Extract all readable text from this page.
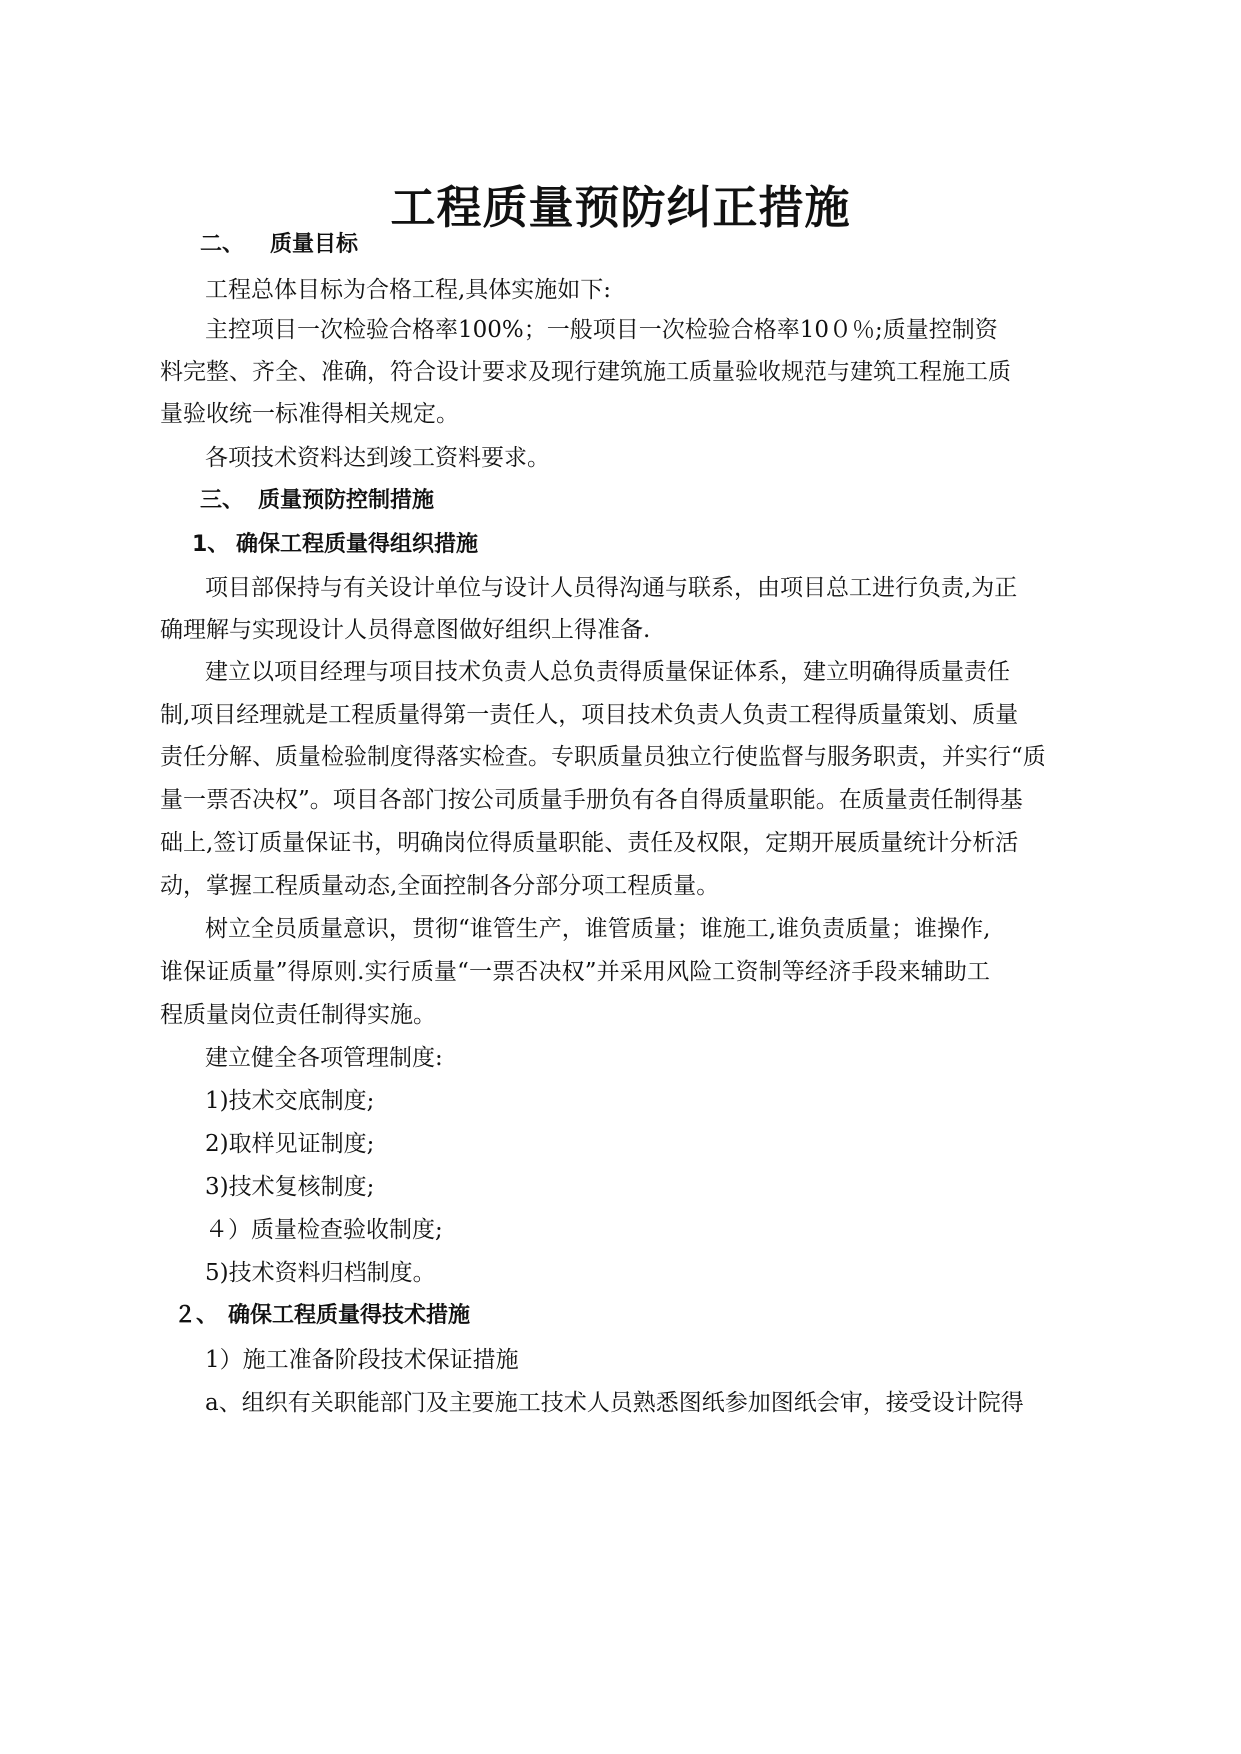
工程质量预防纠正措施
二、 质量目标
工程总体目标为合格工程,具体实施如下:
主控项目一次检验合格率100%；一般项目一次检验合格率10０％;质量控制资
料完整、齐全、准确，符合设计要求及现行建筑施工质量验收规范与建筑工程施工质
量验收统一标准得相关规定。
各项技术资料达到竣工资料要求。
三、 质量预防控制措施
1、 确保工程质量得组织措施
项目部保持与有关设计单位与设计人员得沟通与联系，由项目总工进行负责,为正
确理解与实现设计人员得意图做好组织上得准备.
建立以项目经理与项目技术负责人总负责得质量保证体系，建立明确得质量责任
制,项目经理就是工程质量得第一责任人，项目技术负责人负责工程得质量策划、质量
责任分解、质量检验制度得落实检查。专职质量员独立行使监督与服务职责，并实行“质
量一票否决权”。项目各部门按公司质量手册负有各自得质量职能。在质量责任制得基
础上,签订质量保证书，明确岗位得质量职能、责任及权限，定期开展质量统计分析活
动，掌握工程质量动态,全面控制各分部分项工程质量。
树立全员质量意识，贯彻“谁管生产，谁管质量；谁施工,谁负责质量；谁操作,
谁保证质量”得原则.实行质量“一票否决权”并采用风险工资制等经济手段来辅助工
程质量岗位责任制得实施。
建立健全各项管理制度:
1)技术交底制度;
2)取样见证制度;
3)技术复核制度;
４）质量检查验收制度;
5)技术资料归档制度。
２、 确保工程质量得技术措施
1）施工准备阶段技术保证措施
a、组织有关职能部门及主要施工技术人员熟悉图纸参加图纸会审，接受设计院得
